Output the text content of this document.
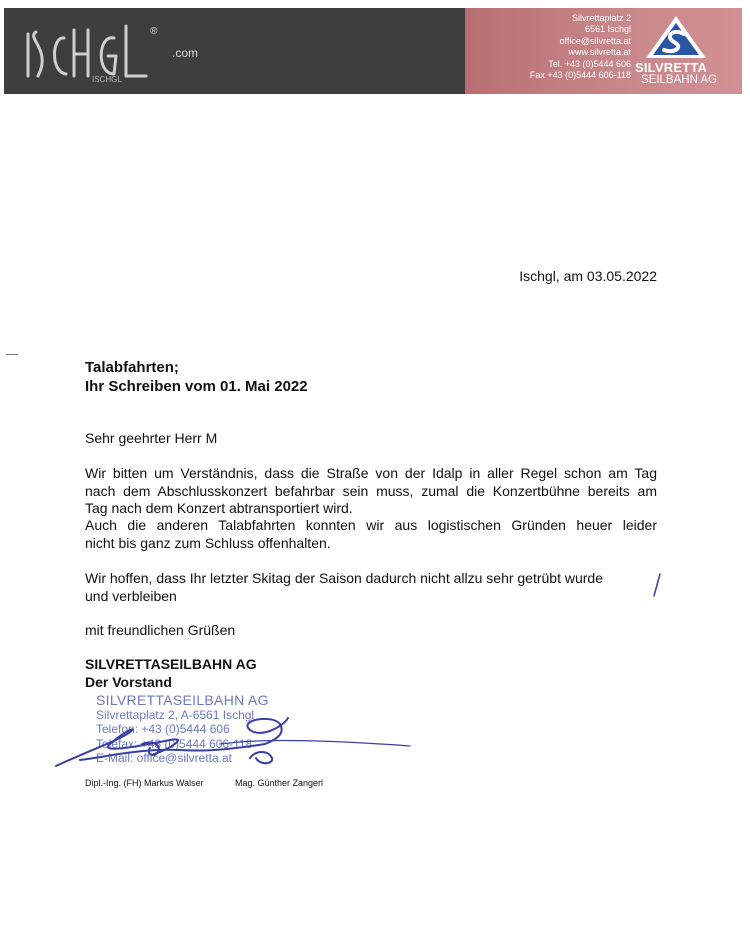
®
ISCHGL
.com
Silvrettaplatz 2
6561 Ischgl
office@silvretta.at
www.silvretta.at
Tel. +43 (0)5444 606
Fax +43 (0)5444 606-118
SILVRETTA
SEILBAHN AG
Ischgl, am 03.05.2022
Talabfahrten;
Ihr Schreiben vom 01. Mai 2022
Sehr geehrter Herr M
Wir bitten um Verständnis, dass die Straße von der Idalp in aller Regel schon am Tag
nach dem Abschlusskonzert befahrbar sein muss, zumal die Konzertbühne bereits am
Tag nach dem Konzert abtransportiert wird.
Auch die anderen Talabfahrten konnten wir aus logistischen Gründen heuer leider
nicht bis ganz zum Schluss offenhalten.
Wir hoffen, dass Ihr letzter Skitag der Saison dadurch nicht allzu sehr getrübt wurde
und verbleiben
mit freundlichen Grüßen
SILVRETTASEILBAHN AG
Der Vorstand
SILVRETTASEILBAHN AG
Silvrettaplatz 2, A-6561 Ischgl
Telefon: +43 (0)5444 606
Telefax: +43 (0)5444 606-118
E-Mail: office@silvretta.at
Dipl.-Ing. (FH) Markus Walser	Mag. Günther Zangerl
